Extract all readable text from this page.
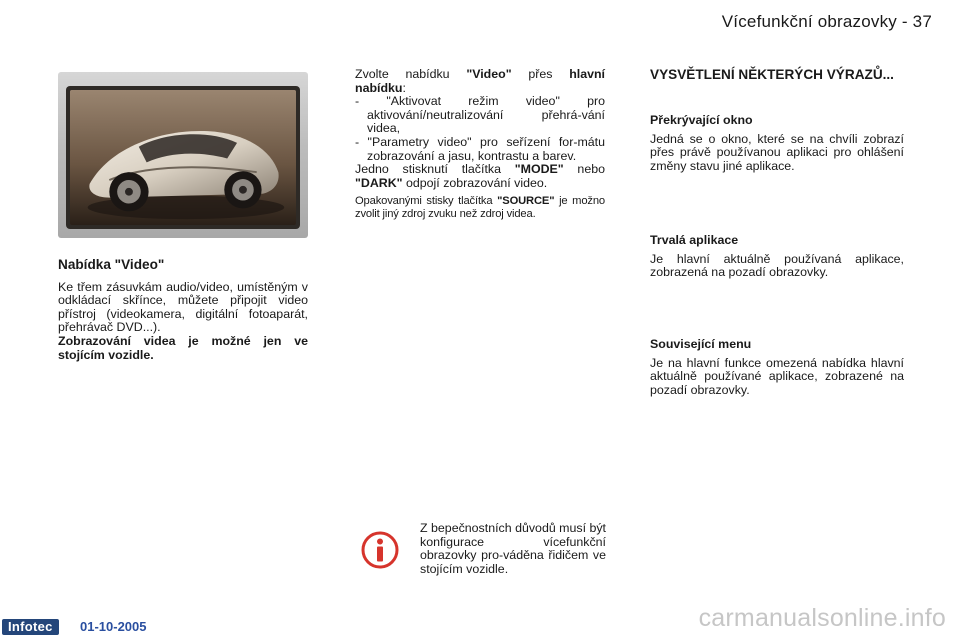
Vícefunkční obrazovky - 37
Nabídka "Video"

Ke třem zásuvkám audio/video, umístěným v odkládací skřínce, můžete připojit video přístroj (videokamera, digitální fotoaparát, přehrávač DVD...).

Zobrazování videa je možné jen ve stojícím vozidle.

Zvolte nabídku "Video" přes hlavní nabídku:

- "Aktivovat režim video" pro aktivování/neutralizování přehrá-vání videa,

- "Parametry video" pro seřízení for-mátu zobrazování a jasu, kontrastu a barev.

Jedno stisknutí tlačítka "MODE" nebo "DARK" odpojí zobrazování video.

Opakovanými stisky tlačítka "SOURCE" je možno zvolit jiný zdroj zvuku než zdroj videa.

VYSVĚTLENÍ NĚKTERÝCH VÝRAZŮ...
Překrývající okno

Jedná se o okno, které se na chvíli zobrazí přes právě používanou aplikaci pro ohlášení změny stavu jiné aplikace.

Trvalá aplikace

Je hlavní aktuálně používaná aplikace, zobrazená na pozadí obrazovky.

Související menu

Je na hlavní funkce omezená nabídka hlavní aktuálně používané aplikace, zobrazené na pozadí obrazovky.

Z bepečnostních důvodů musí být konfigurace vícefunkční obrazovky pro-váděna řidičem ve stojícím vozidle.
Infotec	01-10-2005	carmanualsonline.info
